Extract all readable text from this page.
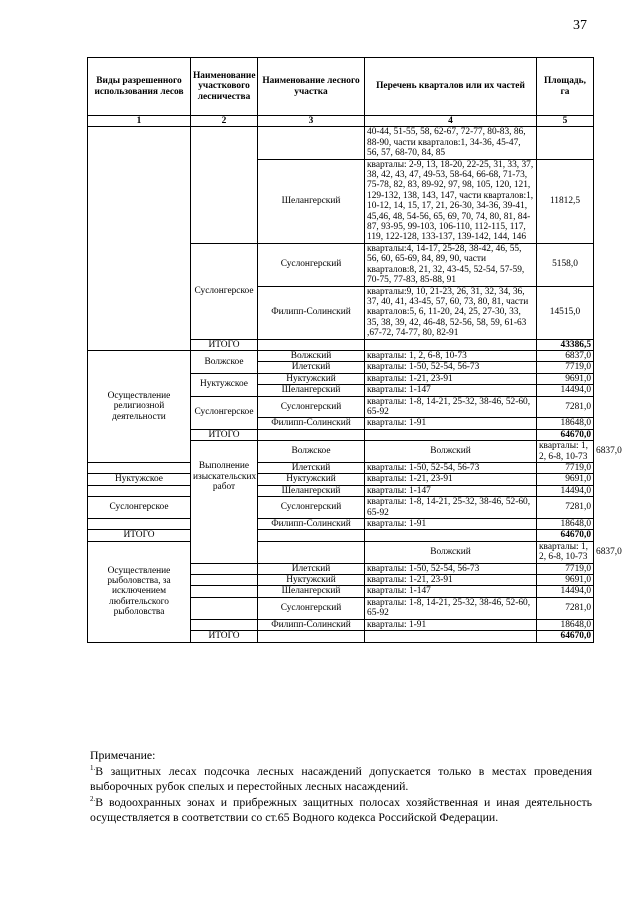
37
Виды разрешенного использования лесов	Наименование участкового лесничества	Наименование лесного участка	Перечень кварталов или их частей	Площадь, га	
1	2	3	4	5	
			40-44, 51-55, 58, 62-67, 72-77, 80-83, 86, 88-90, части кварталов:1, 34-36, 45-47, 56, 57, 68-70, 84, 85		
		Шелангерский	кварталы: 2-9, 13, 18-20, 22-25, 31, 33, 37, 38, 42, 43, 47, 49-53, 58-64, 66-68, 71-73, 75-78, 82, 83, 89-92, 97, 98, 105, 120, 121, 129-132, 138, 143, 147, части кварталов:1, 10-12, 14, 15, 17, 21, 26-30, 34-36, 39-41, 45,46, 48, 54-56, 65, 69, 70, 74, 80, 81, 84-87, 93-95, 99-103, 106-110, 112-115, 117, 119, 122-128, 133-137, 139-142, 144, 146	11812,5	
	Суслонгерское	Суслонгерский	кварталы:4, 14-17, 25-28, 38-42, 46, 55, 56, 60, 65-69, 84, 89, 90, части кварталов:8, 21, 32, 43-45, 52-54, 57-59, 70-75, 77-83, 85-88, 91	5158,0	
		Филипп-Солинский	кварталы:9, 10, 21-23, 26, 31, 32, 34, 36, 37, 40, 41, 43-45, 57, 60, 73, 80, 81, части кварталов:5, 6, 11-20, 24, 25, 27-30, 33, 35, 38, 39, 42, 46-48, 52-56, 58, 59, 61-63 ,67-72, 74-77, 80, 82-91	14515,0	
	ИТОГО			43386,5	
Осуществление религиозной деятельности	Волжское	Волжский	кварталы: 1, 2, 6-8, 10-73	6837,0	
		Илетский	кварталы: 1-50, 52-54, 56-73	7719,0	
	Нуктужское	Нуктужский	кварталы: 1-21, 23-91	9691,0	
		Шелангерский	кварталы: 1-147	14494,0	
	Суслонгерское	Суслонгерский	кварталы: 1-8, 14-21, 25-32, 38-46, 52-60, 65-92	7281,0	
		Филипп-Солинский	кварталы: 1-91	18648,0	
	ИТОГО			64670,0	
	Выполнение изыскательских работ	Волжское	Волжский	кварталы: 1, 2, 6-8, 10-73	6837,0
		Илетский	кварталы: 1-50, 52-54, 56-73	7719,0	
Нуктужское		Нуктужский	кварталы: 1-21, 23-91	9691,0	
		Шелангерский	кварталы: 1-147	14494,0	
Суслонгерское		Суслонгерский	кварталы: 1-8, 14-21, 25-32, 38-46, 52-60, 65-92	7281,0	
		Филипп-Солинский	кварталы: 1-91	18648,0	
ИТОГО				64670,0	
Осуществление рыболовства, за исключением любительского рыболовства			Волжский	кварталы: 1, 2, 6-8, 10-73	6837,0
		Илетский	кварталы: 1-50, 52-54, 56-73	7719,0	
		Нуктужский	кварталы: 1-21, 23-91	9691,0	
		Шелангерский	кварталы: 1-147	14494,0	
		Суслонгерский	кварталы: 1-8, 14-21, 25-32, 38-46, 52-60, 65-92	7281,0	
		Филипп-Солинский	кварталы: 1-91	18648,0	
	ИТОГО			64670,0	

Примечание:

$^{1.}$В защитных лесах подсочка лесных насаждений допускается только в местах проведения выборочных рубок спелых и перестойных лесных насаждений.

$^{2.}$В водоохранных зонах и прибрежных защитных полосах хозяйственная и иная деятельность осуществляется в соответствии со ст.65 Водного кодекса Российской Федерации.
